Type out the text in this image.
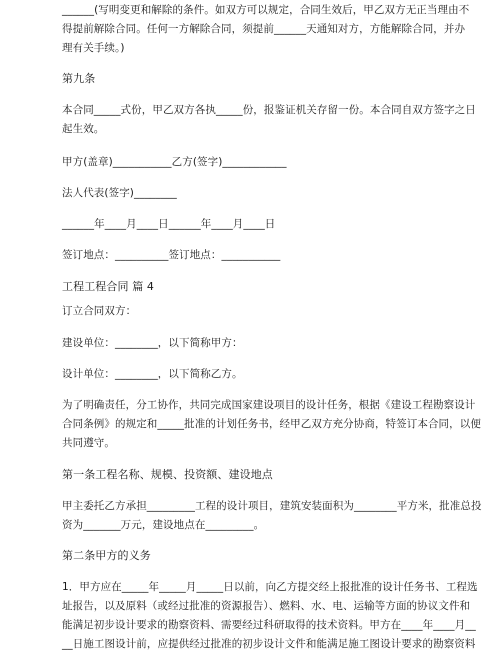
______(写明变更和解除的条件。如双方可以规定，合同生效后，甲乙双方无正当理由不
得提前解除合同。任何一方解除合同，须提前______天通知对方，方能解除合同，并办
理有关手续。)
第九条
本合同_____式份，甲乙双方各执_____份，报鉴证机关存留一份。本合同自双方签字之日
起生效。
甲方(盖章)___________乙方(签字)____________
法人代表(签字)________
______年____月____日______年____月____日
签订地点：__________签订地点：___________
工程工程合同 篇 4
订立合同双方：
建设单位：________，以下简称甲方：
设计单位：________，以下简称乙方。
为了明确责任，分工协作，共同完成国家建设项目的设计任务，根据《建设工程勘察设计
合同条例》的规定和_____批准的计划任务书，经甲乙双方充分协商，特签订本合同，以便
共同遵守。
第一条工程名称、规模、投资额、建设地点
甲主委托乙方承担_________工程的设计项目，建筑安装面积为________平方米，批准总投
资为_______万元，建设地点在_________。
第二条甲方的义务
1．甲方应在_____年_____月_____日以前，向乙方提交经上报批准的设计任务书、工程选
址报告，以及原料（或经过批准的资源报告）、燃料、水、电、运输等方面的协议文件和
能满足初步设计要求的勘察资料、需要经过科研取得的技术资料。甲方在____年____月__
__日施工图设计前，应提供经过批准的初步设计文件和能满足施工图设计要求的勘察资料
